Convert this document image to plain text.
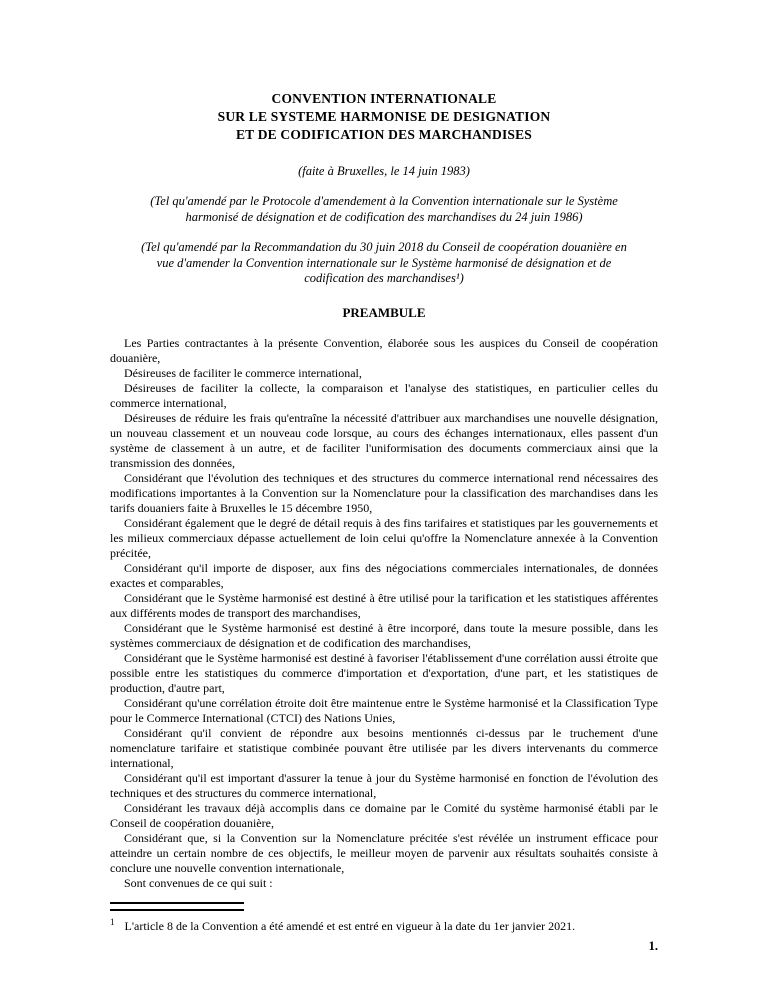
CONVENTION INTERNATIONALE
SUR LE SYSTEME HARMONISE DE DESIGNATION
ET DE CODIFICATION DES MARCHANDISES
(faite à Bruxelles, le 14 juin 1983)
(Tel qu'amendé par le Protocole d'amendement à la Convention internationale sur le Système harmonisé de désignation et de codification des marchandises du 24 juin 1986)
(Tel qu'amendé par la Recommandation du 30 juin 2018 du Conseil de coopération douanière en vue d'amender la Convention internationale sur le Système harmonisé de désignation et de codification des marchandises¹)
PREAMBULE

Les Parties contractantes à la présente Convention, élaborée sous les auspices du Conseil de coopération douanière,

Désireuses de faciliter le commerce international,

Désireuses de faciliter la collecte, la comparaison et l'analyse des statistiques, en particulier celles du commerce international,

Désireuses de réduire les frais qu'entraîne la nécessité d'attribuer aux marchandises une nouvelle désignation, un nouveau classement et un nouveau code lorsque, au cours des échanges internationaux, elles passent d'un système de classement à un autre, et de faciliter l'uniformisation des documents commerciaux ainsi que la transmission des données,

Considérant que l'évolution des techniques et des structures du commerce international rend nécessaires des modifications importantes à la Convention sur la Nomenclature pour la classification des marchandises dans les tarifs douaniers faite à Bruxelles le 15 décembre 1950,

Considérant également que le degré de détail requis à des fins tarifaires et statistiques par les gouvernements et les milieux commerciaux dépasse actuellement de loin celui qu'offre la Nomenclature annexée à la Convention précitée,

Considérant qu'il importe de disposer, aux fins des négociations commerciales internationales, de données exactes et comparables,

Considérant que le Système harmonisé est destiné à être utilisé pour la tarification et les statistiques afférentes aux différents modes de transport des marchandises,

Considérant que le Système harmonisé est destiné à être incorporé, dans toute la mesure possible, dans les systèmes commerciaux de désignation et de codification des marchandises,

Considérant que le Système harmonisé est destiné à favoriser l'établissement d'une corrélation aussi étroite que possible entre les statistiques du commerce d'importation et d'exportation, d'une part, et les statistiques de production, d'autre part,

Considérant qu'une corrélation étroite doit être maintenue entre le Système harmonisé et la Classification Type pour le Commerce International (CTCI) des Nations Unies,

Considérant qu'il convient de répondre aux besoins mentionnés ci-dessus par le truchement d'une nomenclature tarifaire et statistique combinée pouvant être utilisée par les divers intervenants du commerce international,

Considérant qu'il est important d'assurer la tenue à jour du Système harmonisé en fonction de l'évolution des techniques et des structures du commerce international,

Considérant les travaux déjà accomplis dans ce domaine par le Comité du système harmonisé établi par le Conseil de coopération douanière,

Considérant que, si la Convention sur la Nomenclature précitée s'est révélée un instrument efficace pour atteindre un certain nombre de ces objectifs, le meilleur moyen de parvenir aux résultats souhaités consiste à conclure une nouvelle convention internationale,

Sont convenues de ce qui suit :

$^1$ L'article 8 de la Convention a été amendé et est entré en vigueur à la date du 1er janvier 2021.
1.
